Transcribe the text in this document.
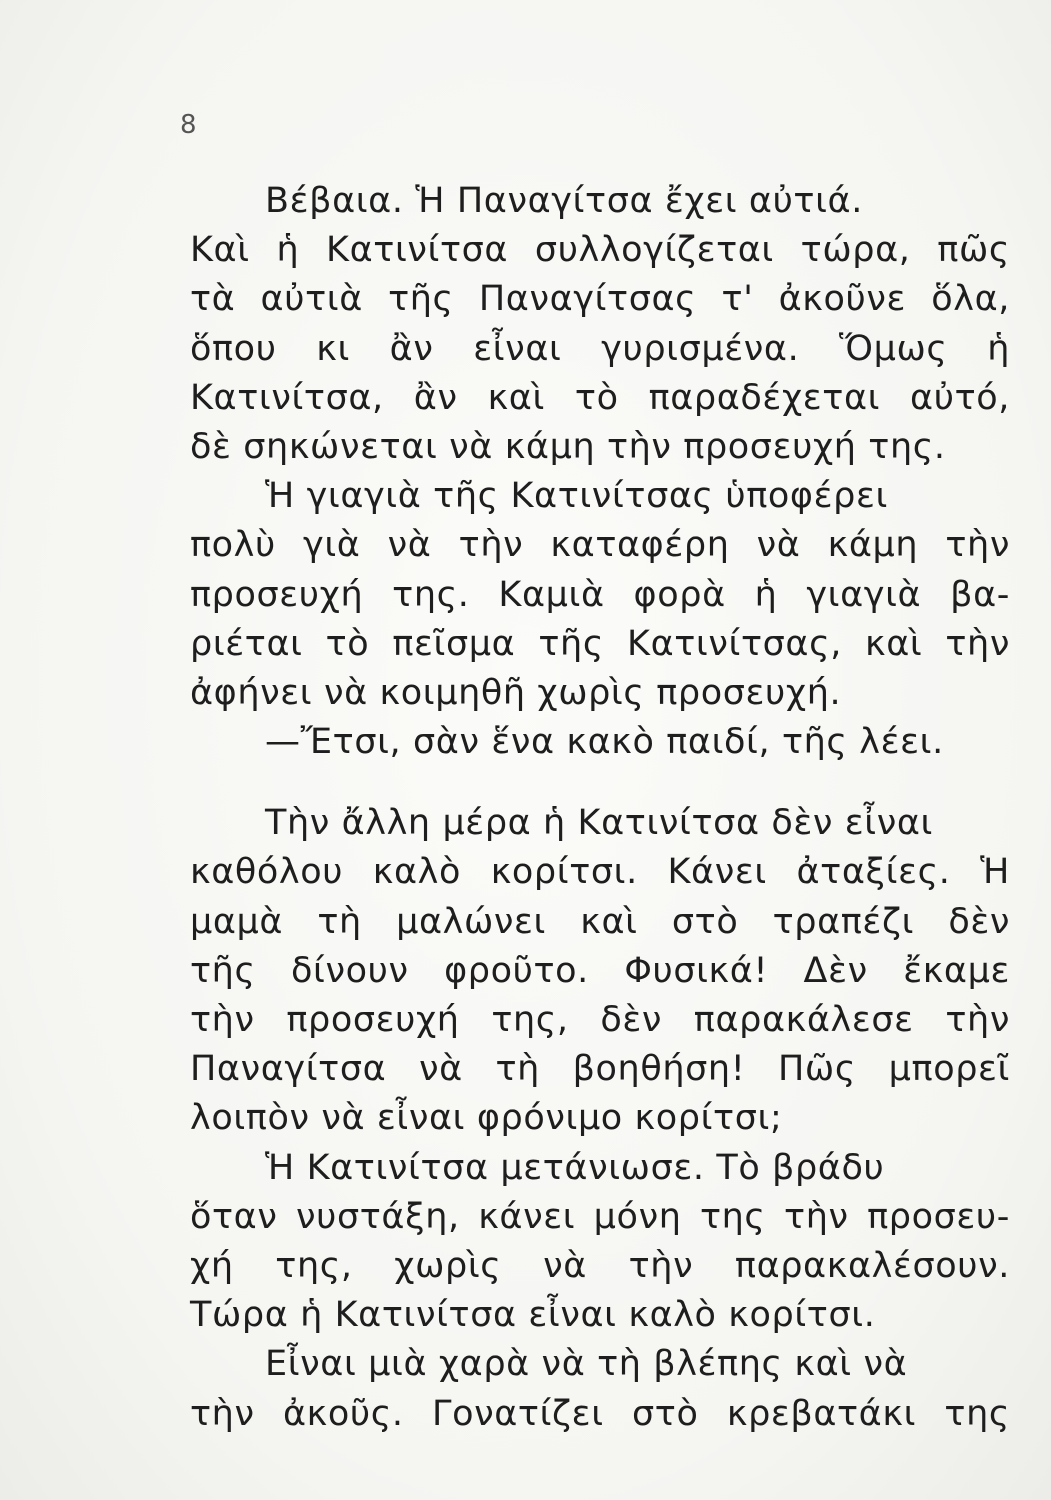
8
Βέβαια. Ἡ Παναγίτσα ἔχει αὐτιά.
Καὶ ἡ Κατινίτσα συλλογίζεται τώρα, πῶς
τὰ αὐτιὰ τῆς Παναγίτσας τ' ἀκοῦνε ὅλα,
ὅπου κι ἂν εἶναι γυρισμένα. Ὅμως ἡ
Κατινίτσα, ἂν καὶ τὸ παραδέχεται αὐτό,
δὲ σηκώνεται νὰ κάμη τὴν προσευχή της.
Ἡ γιαγιὰ τῆς Κατινίτσας ὑποφέρει
πολὺ γιὰ νὰ τὴν καταφέρη νὰ κάμη τὴν
προσευχή της. Καμιὰ φορὰ ἡ γιαγιὰ βα-
ριέται τὸ πεῖσμα τῆς Κατινίτσας, καὶ τὴν
ἀφήνει νὰ κοιμηθῆ χωρὶς προσευχή.
—Ἔτσι, σὰν ἕνα κακὸ παιδί, τῆς λέει.
Τὴν ἄλλη μέρα ἡ Κατινίτσα δὲν εἶναι
καθόλου καλὸ κορίτσι. Κάνει ἀταξίες. Ἡ
μαμὰ τὴ μαλώνει καὶ στὸ τραπέζι δὲν
τῆς δίνουν φροῦτο. Φυσικά! Δὲν ἔκαμε
τὴν προσευχή της, δὲν παρακάλεσε τὴν
Παναγίτσα νὰ τὴ βοηθήση! Πῶς μπορεῖ
λοιπὸν νὰ εἶναι φρόνιμο κορίτσι;
Ἡ Κατινίτσα μετάνιωσε. Τὸ βράδυ
ὅταν νυστάξη, κάνει μόνη της τὴν προσευ-
χή της, χωρὶς νὰ τὴν παρακαλέσουν.
Τώρα ἡ Κατινίτσα εἶναι καλὸ κορίτσι.
Εἶναι μιὰ χαρὰ νὰ τὴ βλέπης καὶ νὰ
τὴν ἀκοῦς. Γονατίζει στὸ κρεβατάκι της
